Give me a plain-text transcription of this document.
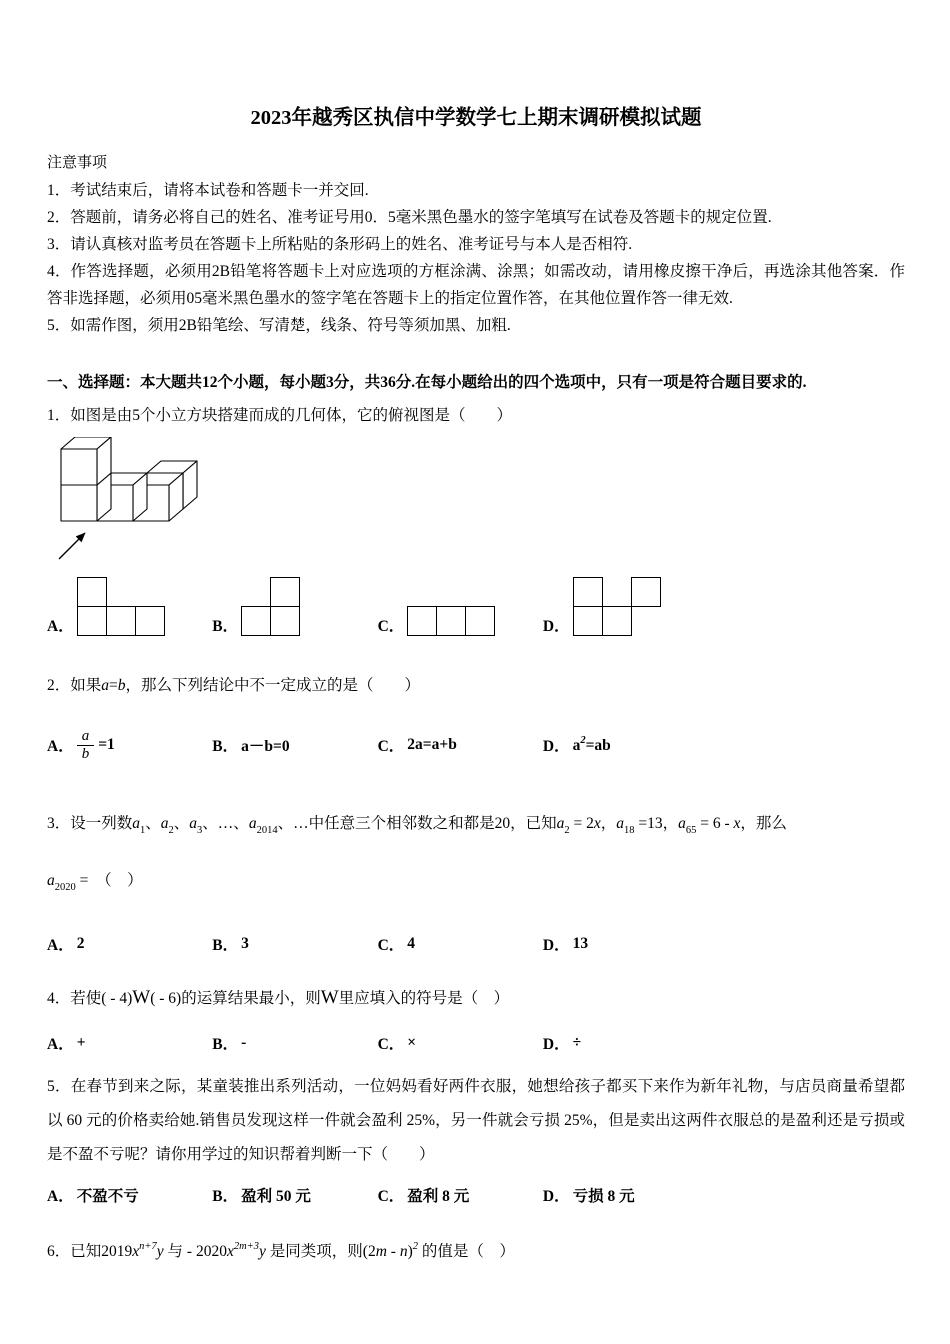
2023年越秀区执信中学数学七上期末调研模拟试题
注意事项
1．考试结束后，请将本试卷和答题卡一并交回.
2．答题前，请务必将自己的姓名、准考证号用0．5毫米黑色墨水的签字笔填写在试卷及答题卡的规定位置.
3．请认真核对监考员在答题卡上所粘贴的条形码上的姓名、准考证号与本人是否相符.
4．作答选择题，必须用2B铅笔将答题卡上对应选项的方框涂满、涂黑；如需改动，请用橡皮擦干净后，再选涂其他答案．作答非选择题，必须用05毫米黑色墨水的签字笔在答题卡上的指定位置作答，在其他位置作答一律无效.
5．如需作图，须用2B铅笔绘、写清楚，线条、符号等须加黑、加粗.
一、选择题：本大题共12个小题，每小题3分，共36分.在每小题给出的四个选项中，只有一项是符合题目要求的.
1．如图是由5个小立方块搭建而成的几何体，它的俯视图是（　　）
A．	B．	C．	D．
2．如果a=b，那么下列结论中不一定成立的是（　　）
A． $\frac{a}{b} =1$	B． a－b=0	C． 2a=a+b	D． $a^2=ab$
3．设一列数$a_1$、$a_2$、$a_3$、…、$a_{2014}$、…中任意三个相邻数之和都是20，已知$a_2 = 2x$，$a_{18} =13$，$a_{65} = 6 - x$，那么
$a_{2020}$ =　（　）
A． 2	B． 3	C． 4	D． 13
4．若使( - 4)W( - 6)的运算结果最小，则W里应填入的符号是（　）
A． +	B． -	C． ×	D． ÷
5．在春节到来之际，某童装推出系列活动，一位妈妈看好两件衣服，她想给孩子都买下来作为新年礼物，与店员商量希望都以 60 元的价格卖给她.销售员发现这样一件就会盈利 25%，另一件就会亏损 25%，但是卖出这两件衣服总的是盈利还是亏损或是不盈不亏呢？请你用学过的知识帮着判断一下（　　）
A． 不盈不亏	B． 盈利 50 元	C． 盈利 8 元	D． 亏损 8 元
6．已知$2019x^{n+7}y$ 与 - $2020x^{2m+3}y$ 是同类项，则(2m - n)$^2$ 的值是（　）
